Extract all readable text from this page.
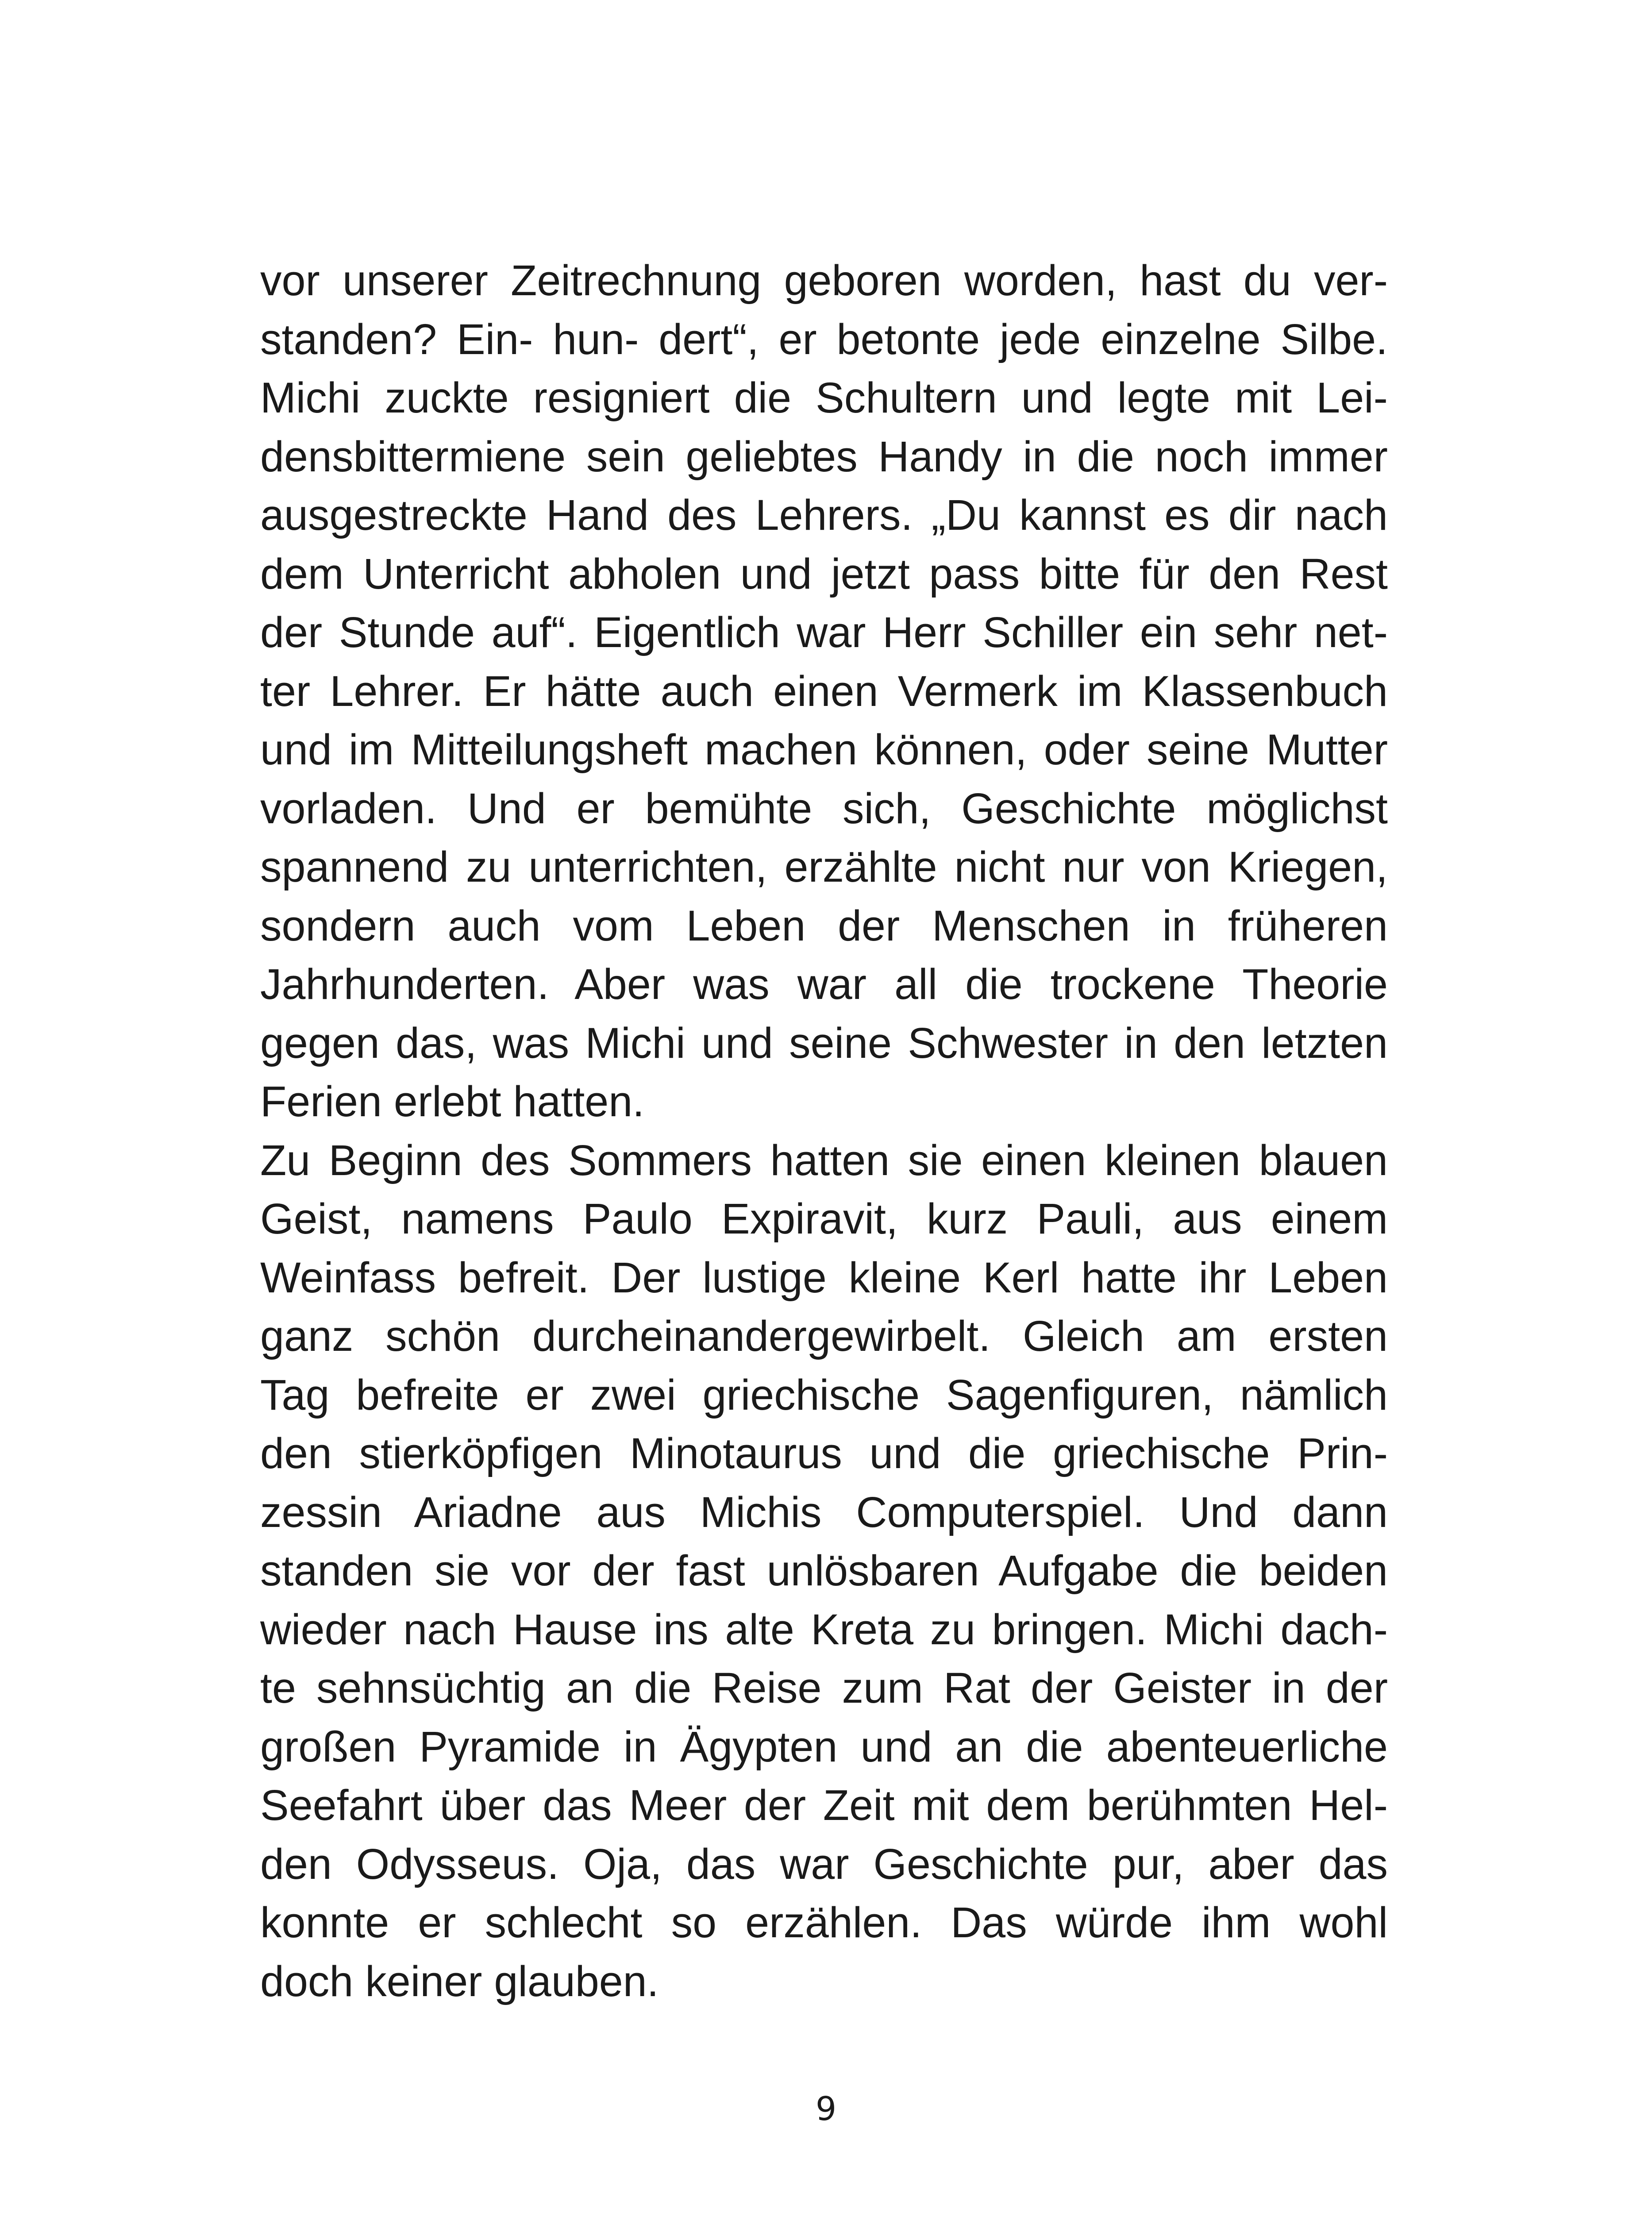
vor unserer Zeitrechnung geboren worden, hast du ver-
standen? Ein- hun- dert“, er betonte jede einzelne Silbe.
Michi zuckte resigniert die Schultern und legte mit Lei-
densbittermiene sein geliebtes Handy in die noch immer
ausgestreckte Hand des Lehrers. „Du kannst es dir nach
dem Unterricht abholen und jetzt pass bitte für den Rest
der Stunde auf“. Eigentlich war Herr Schiller ein sehr net-
ter Lehrer. Er hätte auch einen Vermerk im Klassenbuch
und im Mitteilungsheft machen können, oder seine Mutter
vorladen. Und er bemühte sich, Geschichte möglichst
spannend zu unterrichten, erzählte nicht nur von Kriegen,
sondern auch vom Leben der Menschen in früheren
Jahrhunderten. Aber was war all die trockene Theorie
gegen das, was Michi und seine Schwester in den letzten
Ferien erlebt hatten.
Zu Beginn des Sommers hatten sie einen kleinen blauen
Geist, namens Paulo Expiravit, kurz Pauli, aus einem
Weinfass befreit. Der lustige kleine Kerl hatte ihr Leben
ganz schön durcheinandergewirbelt. Gleich am ersten
Tag befreite er zwei griechische Sagenfiguren, nämlich
den stierköpfigen Minotaurus und die griechische Prin-
zessin Ariadne aus Michis Computerspiel. Und dann
standen sie vor der fast unlösbaren Aufgabe die beiden
wieder nach Hause ins alte Kreta zu bringen. Michi dach-
te sehnsüchtig an die Reise zum Rat der Geister in der
großen Pyramide in Ägypten und an die abenteuerliche
Seefahrt über das Meer der Zeit mit dem berühmten Hel-
den Odysseus. Oja, das war Geschichte pur, aber das
konnte er schlecht so erzählen. Das würde ihm wohl
doch keiner glauben.
9
